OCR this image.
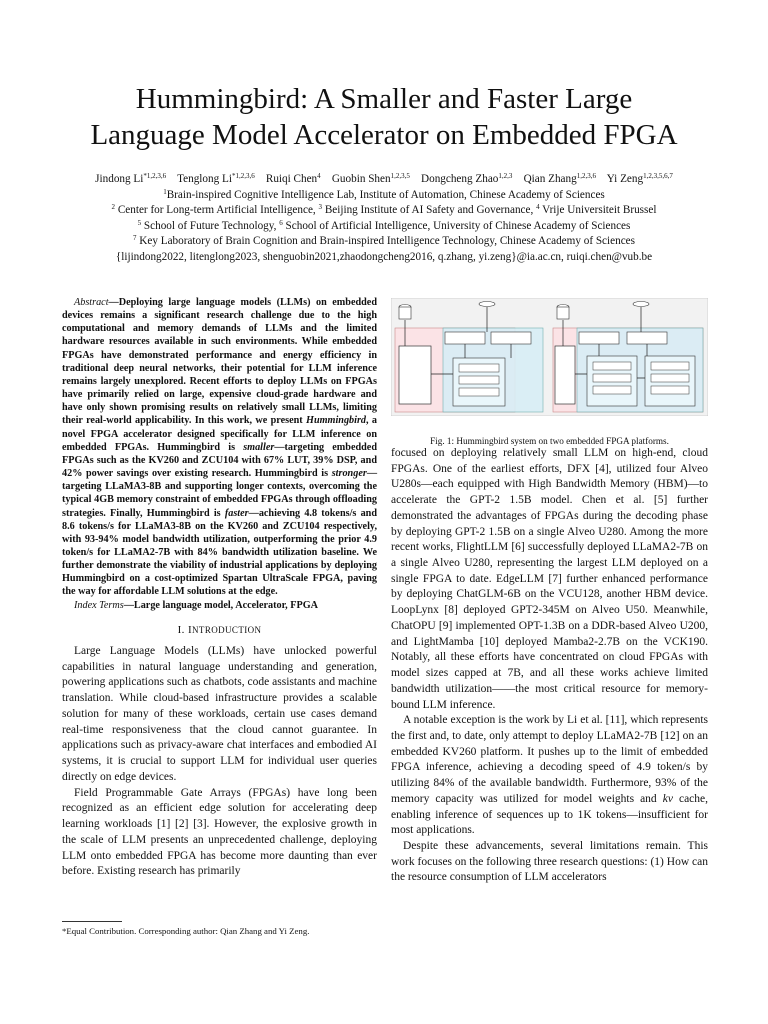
Hummingbird: A Smaller and Faster Large
Language Model Accelerator on Embedded FPGA
Jindong Li$^{*1,2,3,6}$ Tenglong Li$^{*1,2,3,6}$ Ruiqi Chen$^4$ Guobin Shen$^{1,2,3,5}$ Dongcheng Zhao$^{1,2,3}$ Qian Zhang$^{1,2,3,6}$ Yi Zeng$^{1,2,3,5,6,7}$
$^1$Brain-inspired Cognitive Intelligence Lab, Institute of Automation, Chinese Academy of Sciences
$^2$ Center for Long-term Artificial Intelligence, $^3$ Beijing Institute of AI Safety and Governance, $^4$ Vrije Universiteit Brussel
$^5$ School of Future Technology, $^6$ School of Artificial Intelligence, University of Chinese Academy of Sciences
$^7$ Key Laboratory of Brain Cognition and Brain-inspired Intelligence Technology, Chinese Academy of Sciences
{lijindong2022, litenglong2023, shenguobin2021,zhaodongcheng2016, q.zhang, yi.zeng}@ia.ac.cn, ruiqi.chen@vub.be

Abstract—Deploying large language models (LLMs) on embedded devices remains a significant research challenge due to the high computational and memory demands of LLMs and the limited hardware resources available in such environments. While embedded FPGAs have demonstrated performance and energy efficiency in traditional deep neural networks, their potential for LLM inference remains largely unexplored. Recent efforts to deploy LLMs on FPGAs have primarily relied on large, expensive cloud-grade hardware and have only shown promising results on relatively small LLMs, limiting their real-world applicability. In this work, we present Hummingbird, a novel FPGA accelerator designed specifically for LLM inference on embedded FPGAs. Hummingbird is smaller—targeting embedded FPGAs such as the KV260 and ZCU104 with 67% LUT, 39% DSP, and 42% power savings over existing research. Hummingbird is stronger—targeting LLaMA3-8B and supporting longer contexts, overcoming the typical 4GB memory constraint of embedded FPGAs through offloading strategies. Finally, Hummingbird is faster—achieving 4.8 tokens/s and 8.6 tokens/s for LLaMA3-8B on the KV260 and ZCU104 respectively, with 93-94% model bandwidth utilization, outperforming the prior 4.9 token/s for LLaMA2-7B with 84% bandwidth utilization baseline. We further demonstrate the viability of industrial applications by deploying Hummingbird on a cost-optimized Spartan UltraScale FPGA, paving the way for affordable LLM solutions at the edge.

Index Terms—Large language model, Accelerator, FPGA

I. INTRODUCTION

Large Language Models (LLMs) have unlocked powerful capabilities in natural language understanding and generation, powering applications such as chatbots, code assistants and machine translation. While cloud-based infrastructure provides a scalable solution for many of these workloads, certain use cases demand real-time responsiveness that the cloud cannot guarantee. In applications such as privacy-aware chat interfaces and embodied AI systems, it is crucial to support LLM for individual user queries directly on edge devices.

Field Programmable Gate Arrays (FPGAs) have long been recognized as an efficient edge solution for accelerating deep learning workloads [1] [2] [3]. However, the explosive growth in the scale of LLM presents an unprecedented challenge, deploying LLM onto embedded FPGA has become more daunting than ever before. Existing research has primarily

*Equal Contribution. Corresponding author: Qian Zhang and Yi Zeng.
Fig. 1: Hummingbird system on two embedded FPGA platforms.

focused on deploying relatively small LLM on high-end, cloud FPGAs. One of the earliest efforts, DFX [4], utilized four Alveo U280s—each equipped with High Bandwidth Memory (HBM)—to accelerate the GPT-2 1.5B model. Chen et al. [5] further demonstrated the advantages of FPGAs during the decoding phase by deploying GPT-2 1.5B on a single Alveo U280. Among the more recent works, FlightLLM [6] successfully deployed LLaMA2-7B on a single Alveo U280, representing the largest LLM deployed on a single FPGA to date. EdgeLLM [7] further enhanced performance by deploying ChatGLM-6B on the VCU128, another HBM device. LoopLynx [8] deployed GPT2-345M on Alveo U50. Meanwhile, ChatOPU [9] implemented OPT-1.3B on a DDR-based Alveo U200, and LightMamba [10] deployed Mamba2-2.7B on the VCK190. Notably, all these efforts have concentrated on cloud FPGAs with model sizes capped at 7B, and all these works achieve limited bandwidth utilization——the most critical resource for memory-bound LLM inference.

A notable exception is the work by Li et al. [11], which represents the first and, to date, only attempt to deploy LLaMA2-7B [12] on an embedded KV260 platform. It pushes up to the limit of embedded FPGA inference, achieving a decoding speed of 4.9 token/s by utilizing 84% of the available bandwidth. Furthermore, 93% of the memory capacity was utilized for model weights and kv cache, enabling inference of sequences up to 1K tokens—insufficient for most applications.

Despite these advancements, several limitations remain. This work focuses on the following three research questions: (1) How can the resource consumption of LLM accelerators
